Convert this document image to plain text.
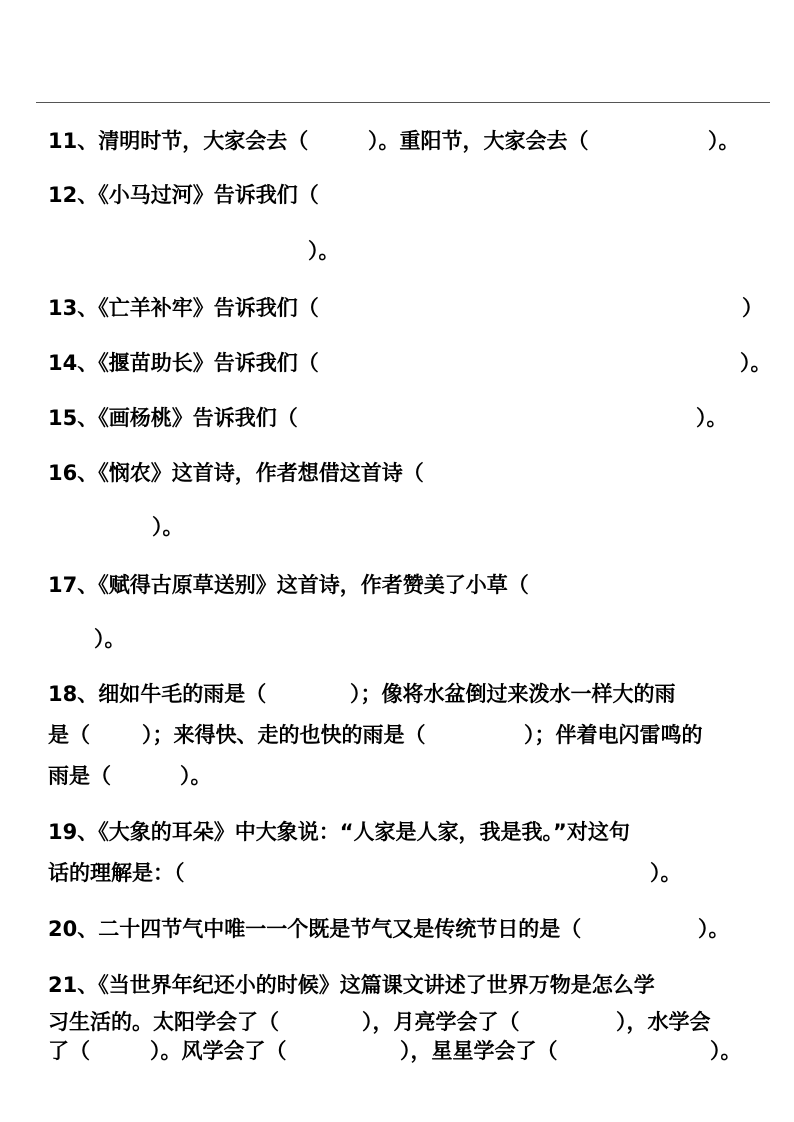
11、清明时节，大家会去（	）。重阳节，大家会去（	）。
12、《小马过河》告诉我们（
）。
13、《亡羊补牢》告诉我们（	）
14、《揠苗助长》告诉我们（	）。
15、《画杨桃》告诉我们（	）。
16、《悯农》这首诗，作者想借这首诗（
）。
17、《赋得古原草送别》这首诗，作者赞美了小草（
）。
18、细如牛毛的雨是（	）；像将水盆倒过来泼水一样大的雨
是（ ）；来得快、走的也快的雨是（	）；伴着电闪雷鸣的
雨是（	）。
19、《大象的耳朵》中大象说：“人家是人家，我是我。”对这句
话的理解是：（	）。
20、二十四节气中唯一一个既是节气又是传统节日的是（	）。
21、《当世界年纪还小的时候》这篇课文讲述了世界万物是怎么学
习生活的。太阳学会了（	），月亮学会了（	），水学会
了（	）。风学会了（	），星星学会了（	）。
